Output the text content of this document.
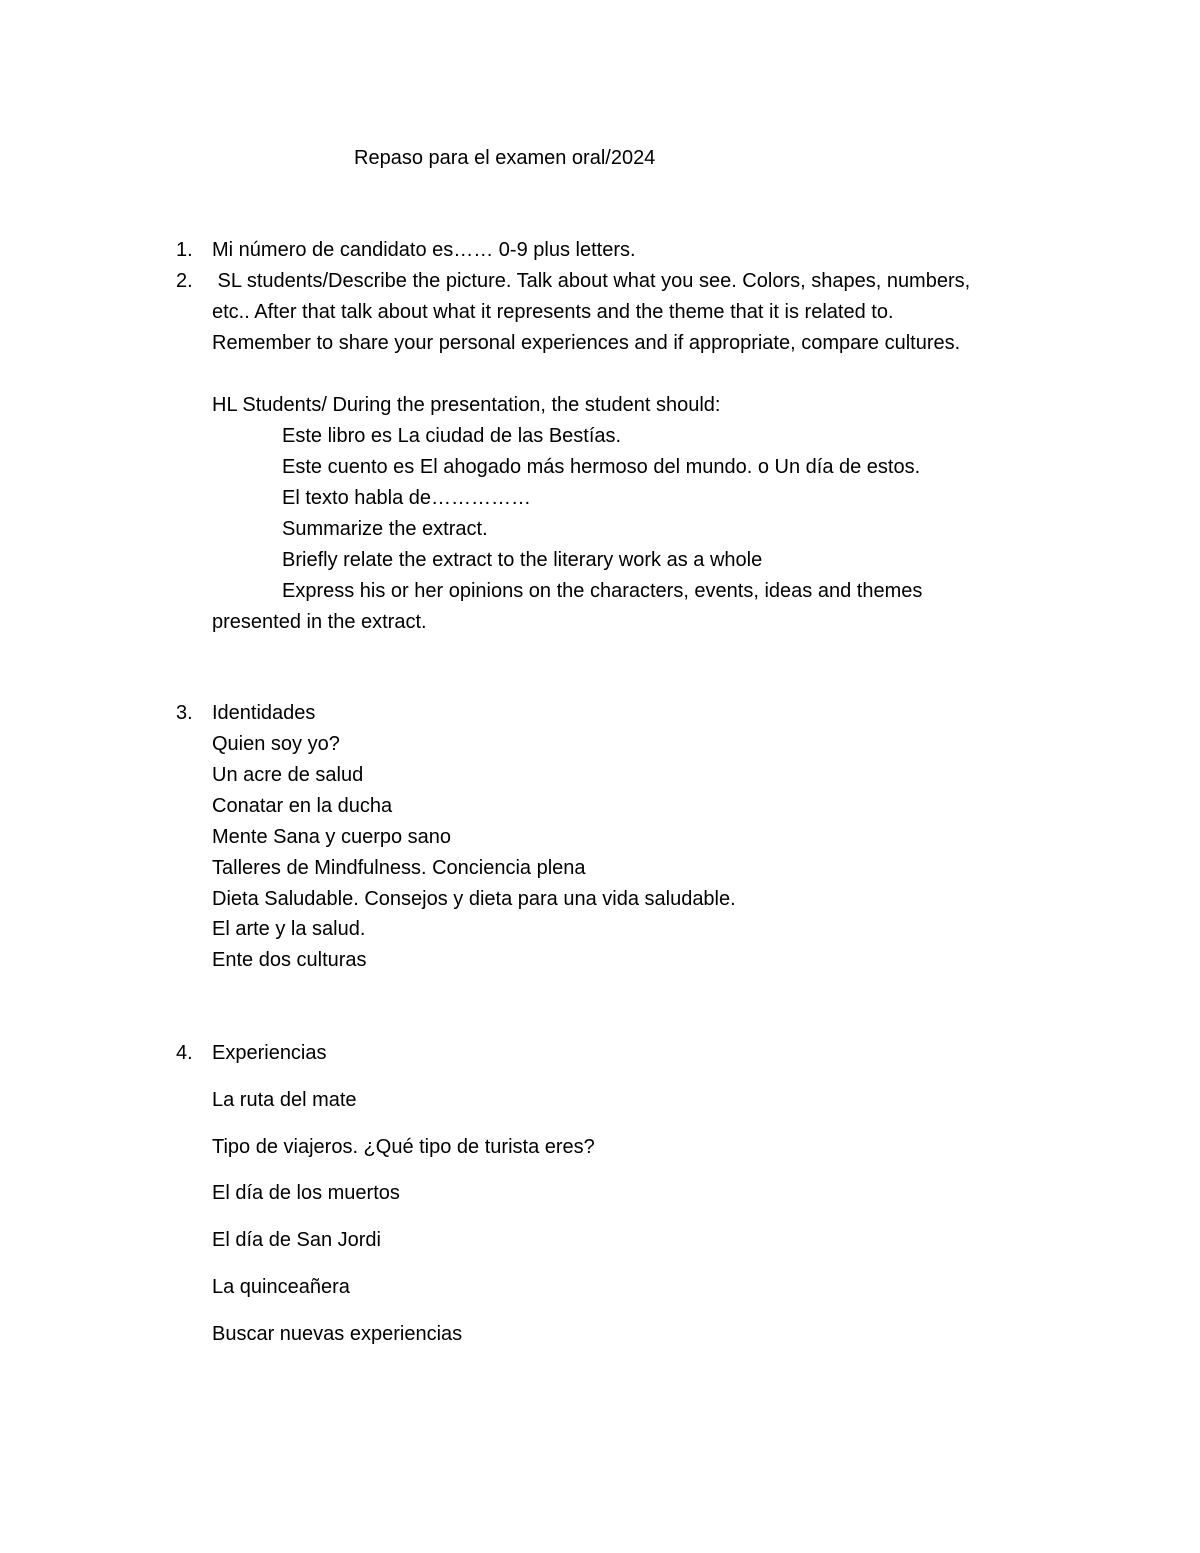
Repaso para el examen oral/2024
1. Mi número de candidato es…… 0-9 plus letters.
2. SL students/Describe the picture. Talk about what you see. Colors, shapes, numbers,
etc.. After that talk about what it represents and the theme that it is related to.
Remember to share your personal experiences and if appropriate, compare cultures.
HL Students/ During the presentation, the student should:
Este libro es La ciudad de las Bestías.
Este cuento es El ahogado más hermoso del mundo. o Un día de estos.
El texto habla de……………
Summarize the extract.
Briefly relate the extract to the literary work as a whole
Express his or her opinions on the characters, events, ideas and themes
presented in the extract.
3. Identidades
Quien soy yo?
Un acre de salud
Conatar en la ducha
Mente Sana y cuerpo sano
Talleres de Mindfulness. Conciencia plena
Dieta Saludable. Consejos y dieta para una vida saludable.
El arte y la salud.
Ente dos culturas
4. Experiencias
La ruta del mate
Tipo de viajeros. ¿Qué tipo de turista eres?
El día de los muertos
El día de San Jordi
La quinceañera
Buscar nuevas experiencias
